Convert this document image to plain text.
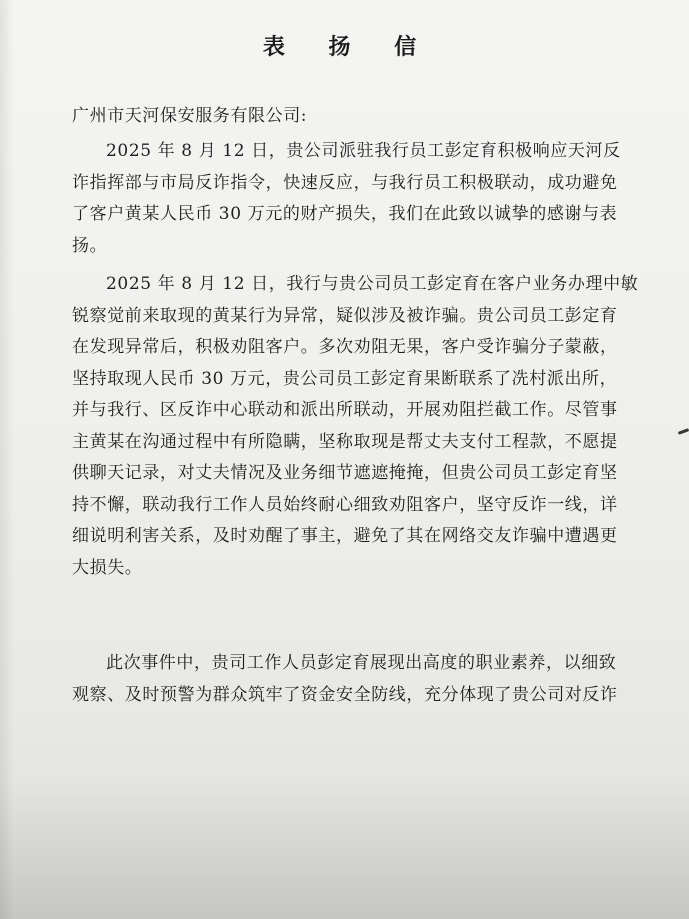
表 扬 信
广州市天河保安服务有限公司:
2025 年 8 月 12 日，贵公司派驻我行员工彭定育积极响应天河反
诈指挥部与市局反诈指令，快速反应，与我行员工积极联动，成功避免
了客户黄某人民币 30 万元的财产损失，我们在此致以诚挚的感谢与表
扬。
2025 年 8 月 12 日，我行与贵公司员工彭定育在客户业务办理中敏
锐察觉前来取现的黄某行为异常，疑似涉及被诈骗。贵公司员工彭定育
在发现异常后，积极劝阻客户。多次劝阻无果，客户受诈骗分子蒙蔽，
坚持取现人民币 30 万元，贵公司员工彭定育果断联系了冼村派出所，
并与我行、区反诈中心联动和派出所联动，开展劝阻拦截工作。尽管事
主黄某在沟通过程中有所隐瞒，坚称取现是帮丈夫支付工程款，不愿提
供聊天记录，对丈夫情况及业务细节遮遮掩掩，但贵公司员工彭定育坚
持不懈，联动我行工作人员始终耐心细致劝阻客户，坚守反诈一线，详
细说明利害关系，及时劝醒了事主，避免了其在网络交友诈骗中遭遇更
大损失。
此次事件中，贵司工作人员彭定育展现出高度的职业素养，以细致
观察、及时预警为群众筑牢了资金安全防线，充分体现了贵公司对反诈
